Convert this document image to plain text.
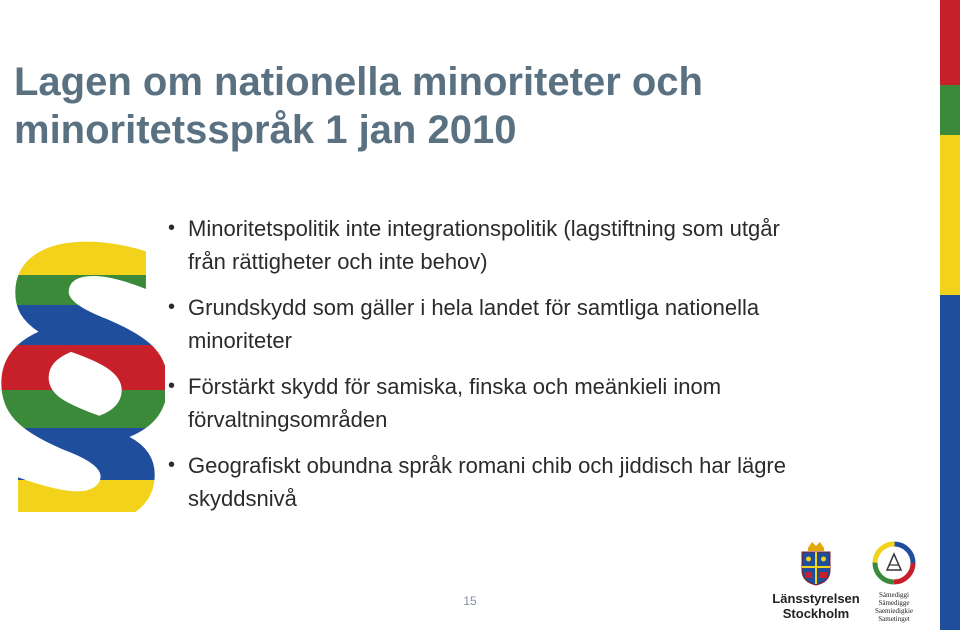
Lagen om nationella minoriteter och
minoritetsspråk 1 jan 2010
• Minoritetspolitik inte integrationspolitik (lagstiftning som utgår från rättigheter och inte behov)
• Grundskydd som gäller i hela landet för samtliga nationella minoriteter
• Förstärkt skydd för samiska, finska och meänkieli inom förvaltningsområden
• Geografiskt obundna språk romani chib och jiddisch har lägre skyddsnivå
15	Länsstyrelsen
Stockholm
Sámediggi
Sámedigge
Saemiedigkie
Sametinget
